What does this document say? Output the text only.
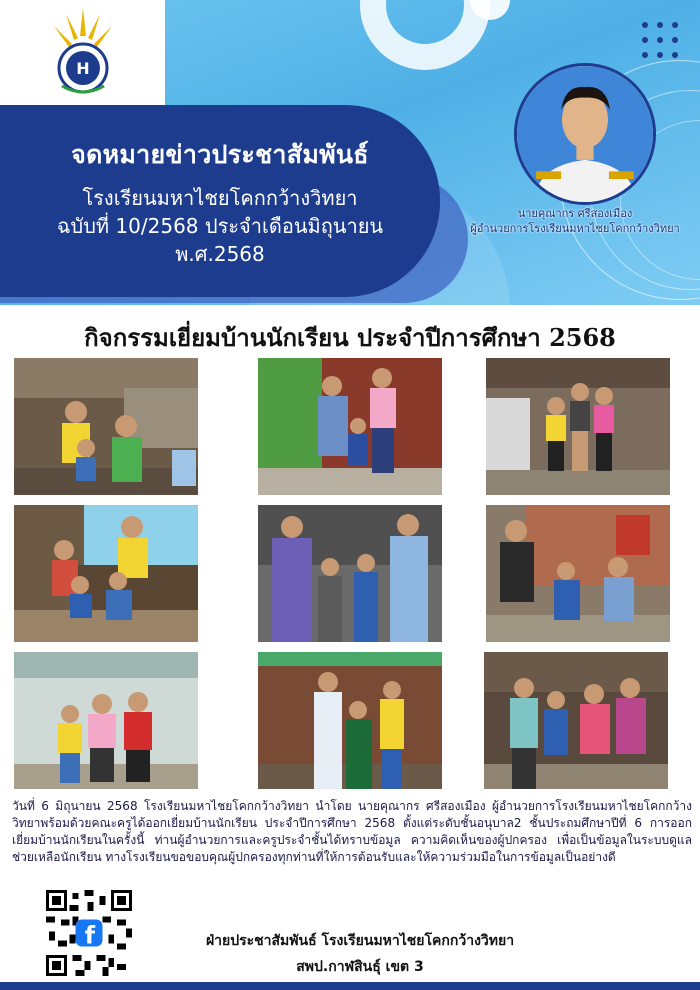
H
จดหมายข่าวประชาสัมพันธ์
โรงเรียนมหาไชยโคกกว้างวิทยา
ฉบับที่ 10/2568 ประจำเดือนมิถุนายน
พ.ศ.2568
นายคุณากร ศรีสองเมือง
ผู้อำนวยการโรงเรียนมหาไชยโคกกว้างวิทยา
กิจกรรมเยี่ยมบ้านนักเรียน ประจำปีการศึกษา 2568
วันที่ 6 มิถุนายน 2568 โรงเรียนมหาไชยโคกกว้างวิทยา นำโดย นายคุณากร ศรีสองเมือง ผู้อำนวยการโรงเรียนมหาไชยโคกกว้างวิทยาพร้อมด้วยคณะครูได้ออกเยี่ยมบ้านนักเรียน ประจำปีการศึกษา 2568 ตั้งแต่ระดับชั้นอนุบาล2 ชั้นประถมศึกษาปีที่ 6 การออกเยี่ยมบ้านนักเรียนในครั้งนี้ ท่านผู้อำนวยการและครูประจำชั้นได้ทราบข้อมูล ความคิดเห็นของผู้ปกครอง เพื่อเป็นข้อมูลในระบบดูแลช่วยเหลือนักเรียน ทางโรงเรียนขอขอบคุณผู้ปกครองทุกท่านที่ให้การต้อนรับและให้ความร่วมมือในการข้อมูลเป็นอย่างดี
f	ฝ่ายประชาสัมพันธ์ โรงเรียนมหาไชยโคกกว้างวิทยา
สพป.กาฬสินธุ์ เขต 3
